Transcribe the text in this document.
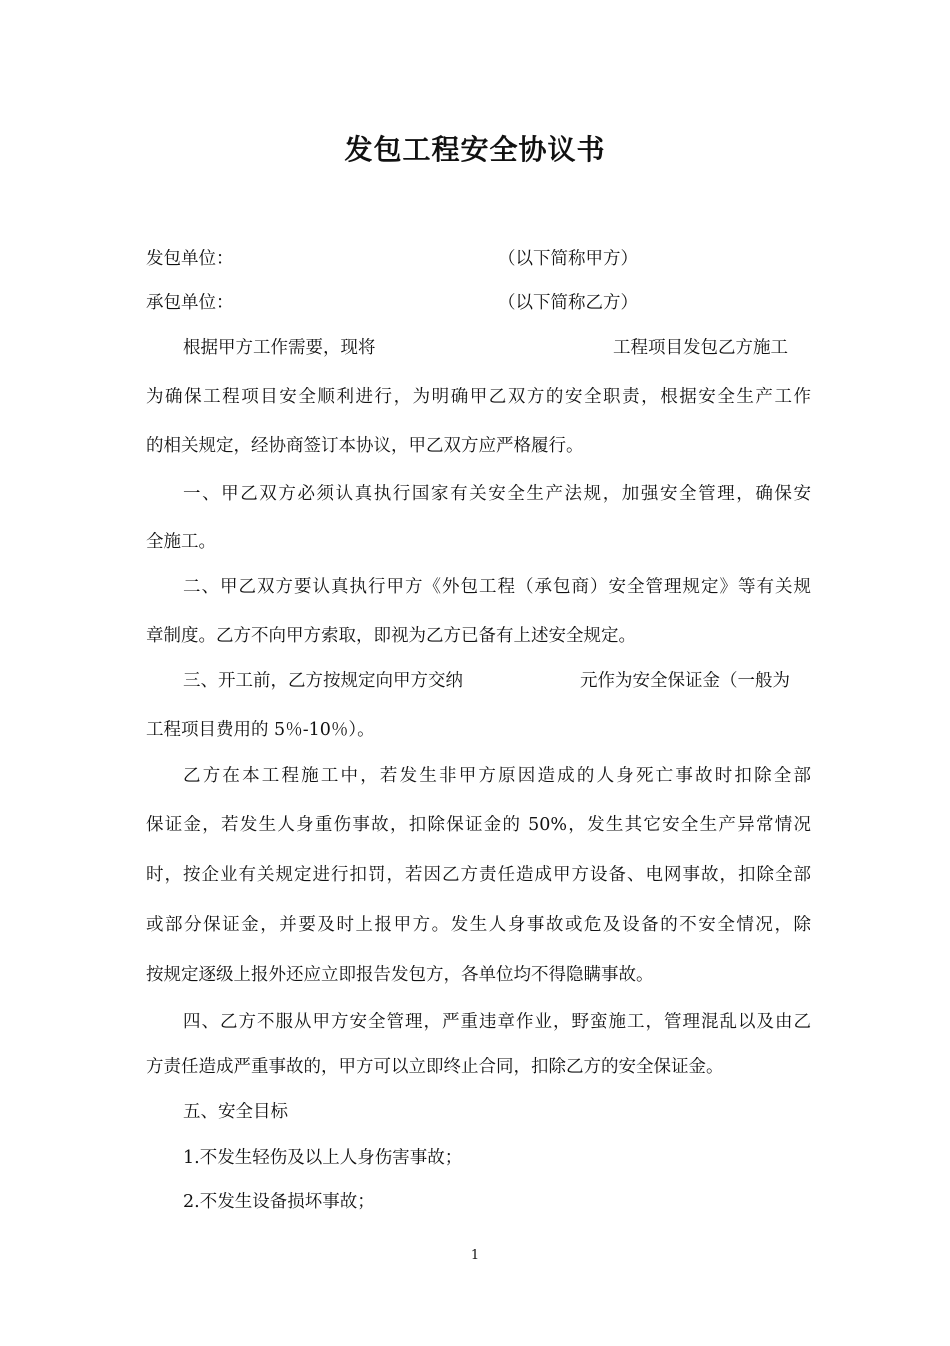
发包工程安全协议书
发包单位：	（以下简称甲方）
承包单位：	（以下简称乙方）
根据甲方工作需要，现将	工程项目发包乙方施工
为确保工程项目安全顺利进行，为明确甲乙双方的安全职责，根据安全生产工作
的相关规定，经协商签订本协议，甲乙双方应严格履行。
一、甲乙双方必须认真执行国家有关安全生产法规，加强安全管理，确保安
全施工。
二、甲乙双方要认真执行甲方《外包工程（承包商）安全管理规定》等有关规
章制度。乙方不向甲方索取，即视为乙方已备有上述安全规定。
三、开工前，乙方按规定向甲方交纳	元作为安全保证金（一般为
工程项目费用的 5％-10％）。
乙方在本工程施工中，若发生非甲方原因造成的人身死亡事故时扣除全部
保证金，若发生人身重伤事故，扣除保证金的 50%，发生其它安全生产异常情况
时，按企业有关规定进行扣罚，若因乙方责任造成甲方设备、电网事故，扣除全部
或部分保证金，并要及时上报甲方。发生人身事故或危及设备的不安全情况，除
按规定逐级上报外还应立即报告发包方，各单位均不得隐瞒事故。
四、乙方不服从甲方安全管理，严重违章作业，野蛮施工，管理混乱以及由乙
方责任造成严重事故的，甲方可以立即终止合同，扣除乙方的安全保证金。
五、安全目标
1.不发生轻伤及以上人身伤害事故；
2.不发生设备损坏事故；
1
